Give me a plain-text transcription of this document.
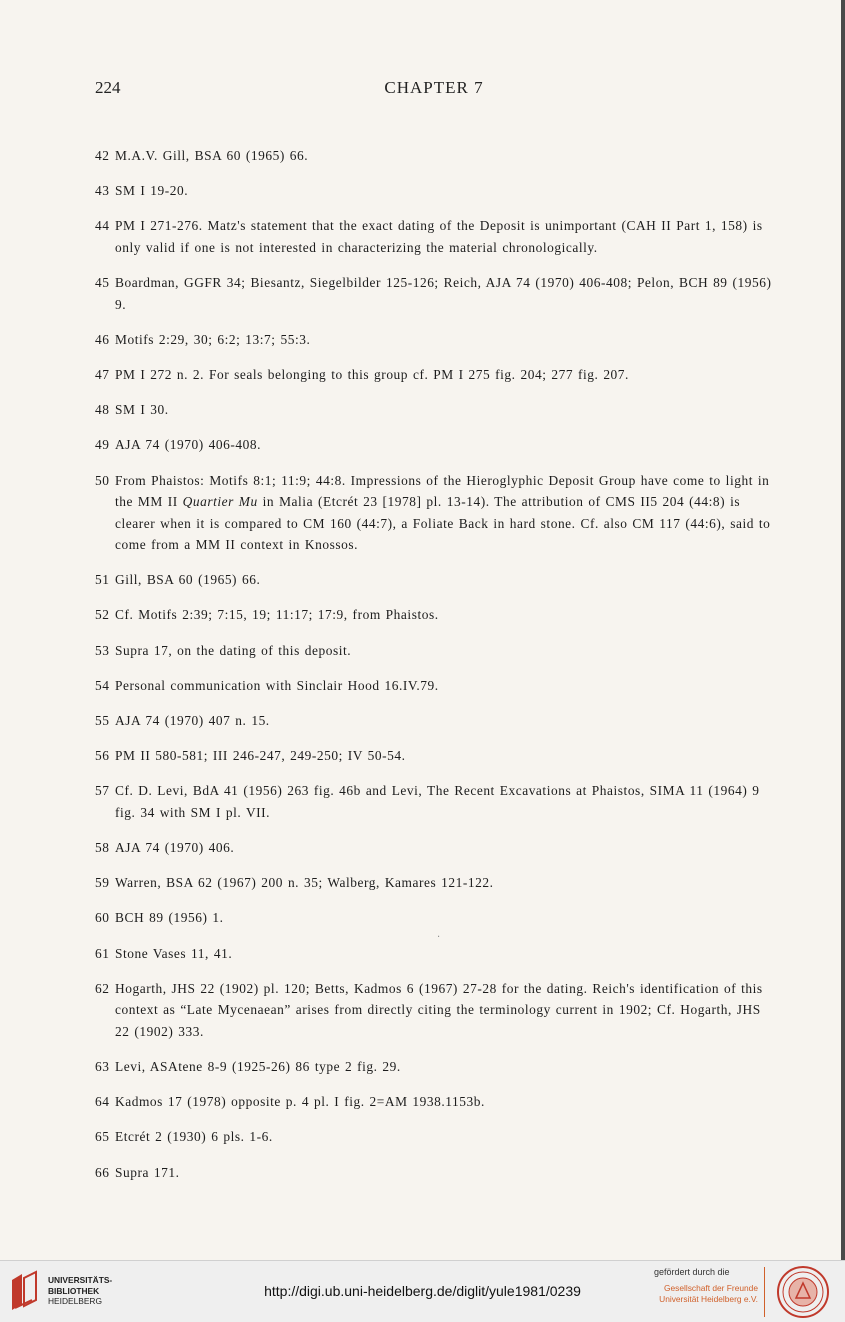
224	CHAPTER 7

42 M.A.V. Gill, BSA 60 (1965) 66.

43 SM I 19-20.

44 PM I 271-276. Matz's statement that the exact dating of the Deposit is unimportant (CAH II Part 1, 158) is only valid if one is not interested in characterizing the material chronologically.

45 Boardman, GGFR 34; Biesantz, Siegelbilder 125-126; Reich, AJA 74 (1970) 406-408; Pelon, BCH 89 (1956) 9.

46 Motifs 2:29, 30; 6:2; 13:7; 55:3.

47 PM I 272 n. 2. For seals belonging to this group cf. PM I 275 fig. 204; 277 fig. 207.

48 SM I 30.

49 AJA 74 (1970) 406-408.

50 From Phaistos: Motifs 8:1; 11:9; 44:8. Impressions of the Hieroglyphic Deposit Group have come to light in the MM II Quartier Mu in Malia (Etcrét 23 [1978] pl. 13-14). The attribution of CMS II5 204 (44:8) is clearer when it is compared to CM 160 (44:7), a Foliate Back in hard stone. Cf. also CM 117 (44:6), said to come from a MM II context in Knossos.

51 Gill, BSA 60 (1965) 66.

52 Cf. Motifs 2:39; 7:15, 19; 11:17; 17:9, from Phaistos.

53 Supra 17, on the dating of this deposit.

54 Personal communication with Sinclair Hood 16.IV.79.

55 AJA 74 (1970) 407 n. 15.

56 PM II 580-581; III 246-247, 249-250; IV 50-54.

57 Cf. D. Levi, BdA 41 (1956) 263 fig. 46b and Levi, The Recent Excavations at Phaistos, SIMA 11 (1964) 9 fig. 34 with SM I pl. VII.

58 AJA 74 (1970) 406.

59 Warren, BSA 62 (1967) 200 n. 35; Walberg, Kamares 121-122.

60 BCH 89 (1956) 1.

61 Stone Vases 11, 41.

62 Hogarth, JHS 22 (1902) pl. 120; Betts, Kadmos 6 (1967) 27-28 for the dating. Reich's identification of this context as “Late Mycenaean” arises from directly citing the terminology current in 1902; Cf. Hogarth, JHS 22 (1902) 333.

63 Levi, ASAtene 8-9 (1925-26) 86 type 2 fig. 29.

64 Kadmos 17 (1978) opposite p. 4 pl. I fig. 2=AM 1938.1153b.

65 Etcrét 2 (1930) 6 pls. 1-6.

66 Supra 171.

‧
UNIVERSITÄTS-
BIBLIOTHEK
HEIDELBERG
http://digi.ub.uni-heidelberg.de/diglit/yule1981/0239
gefördert durch die
Gesellschaft der Freunde
Universität Heidelberg e.V.
